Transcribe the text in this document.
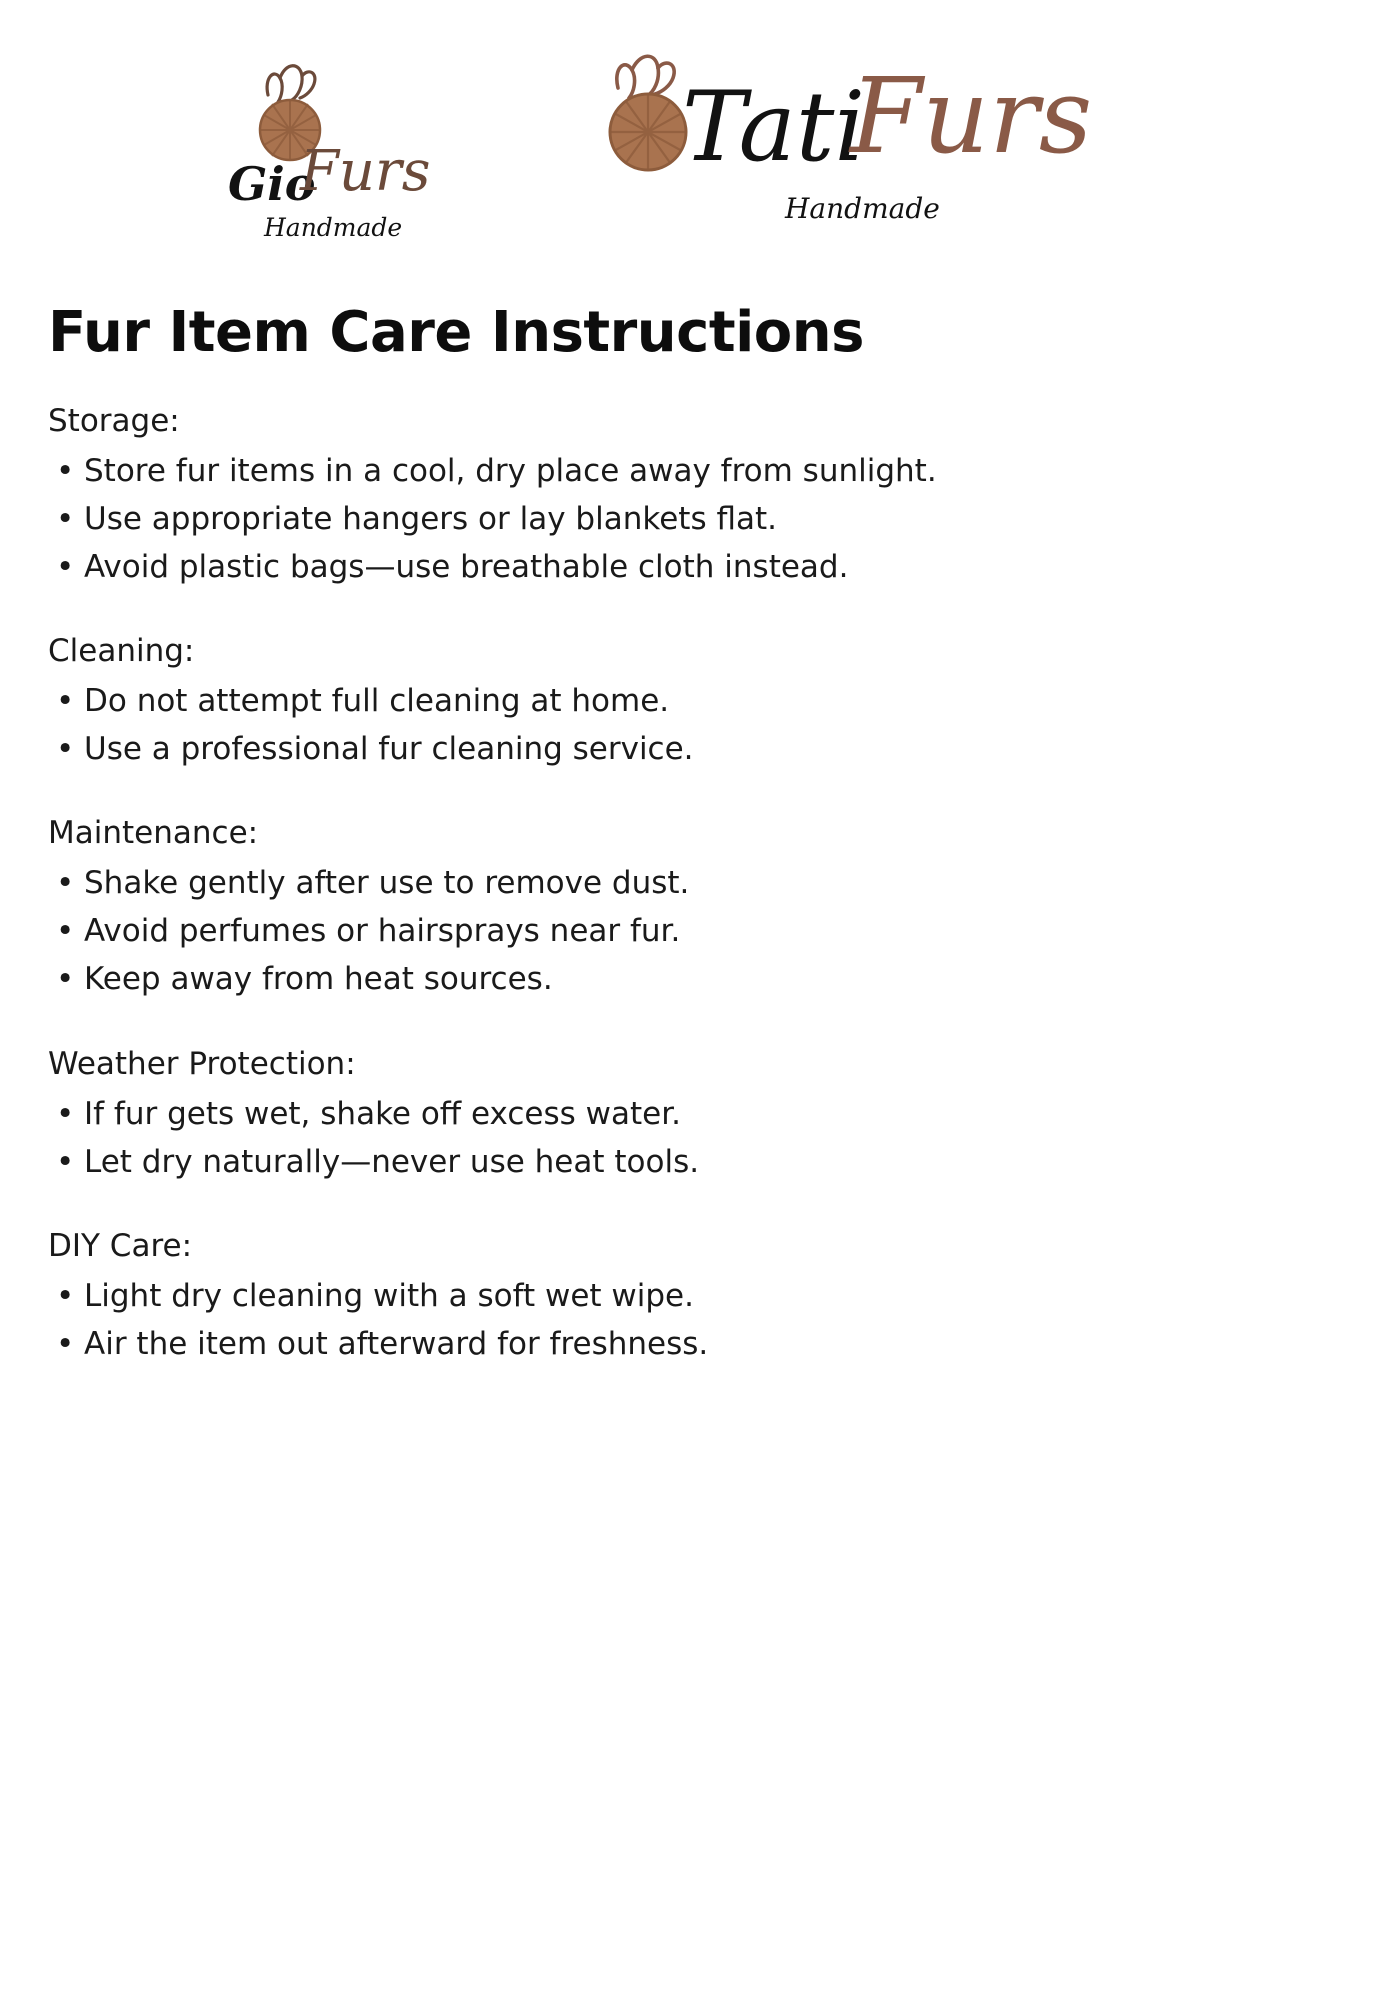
Gio
Furs
Handmade
Tati
Furs
Handmade
Fur Item Care Instructions
Storage:
• Store fur items in a cool, dry place away from sunlight.
• Use appropriate hangers or lay blankets flat.
• Avoid plastic bags—use breathable cloth instead.
Cleaning:
• Do not attempt full cleaning at home.
• Use a professional fur cleaning service.
Maintenance:
• Shake gently after use to remove dust.
• Avoid perfumes or hairsprays near fur.
• Keep away from heat sources.
Weather Protection:
• If fur gets wet, shake off excess water.
• Let dry naturally—never use heat tools.
DIY Care:
• Light dry cleaning with a soft wet wipe.
• Air the item out afterward for freshness.
